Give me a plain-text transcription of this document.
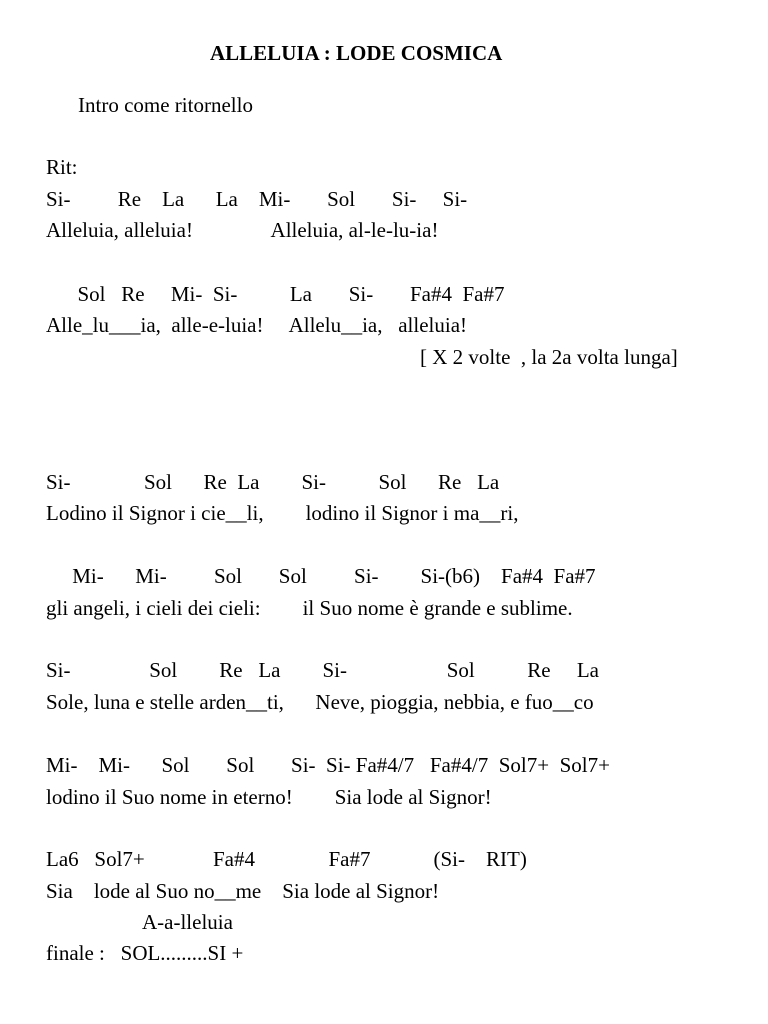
ALLELUIA : LODE COSMICA
Intro come ritornello
Rit:
Si-         Re    La      La    Mi-       Sol       Si-     Si-
Alleluia, alleluia!               Alleluia, al-le-lu-ia!
Sol   Re     Mi-  Si-          La       Si-       Fa#4  Fa#7
Alle_lu___ia,  alle-e-luia!     Allelu__ia,   alleluia!
[ X 2 volte  , la 2a volta lunga]
Si-              Sol      Re  La        Si-          Sol      Re   La
Lodino il Signor i cie__li,        lodino il Signor i ma__ri,
Mi-      Mi-         Sol       Sol         Si-        Si-(b6)    Fa#4  Fa#7
gli angeli, i cieli dei cieli:        il Suo nome è grande e sublime.
Si-               Sol        Re   La        Si-                   Sol          Re     La
Sole, luna e stelle arden__ti,      Neve, pioggia, nebbia, e fuo__co
Mi-    Mi-      Sol       Sol       Si-  Si- Fa#4/7   Fa#4/7  Sol7+  Sol7+
lodino il Suo nome in eterno!        Sia lode al Signor!
La6   Sol7+             Fa#4              Fa#7            (Si-    RIT)
Sia    lode al Suo no__me    Sia lode al Signor!
A-a-lleluia
finale :   SOL.........SI +
